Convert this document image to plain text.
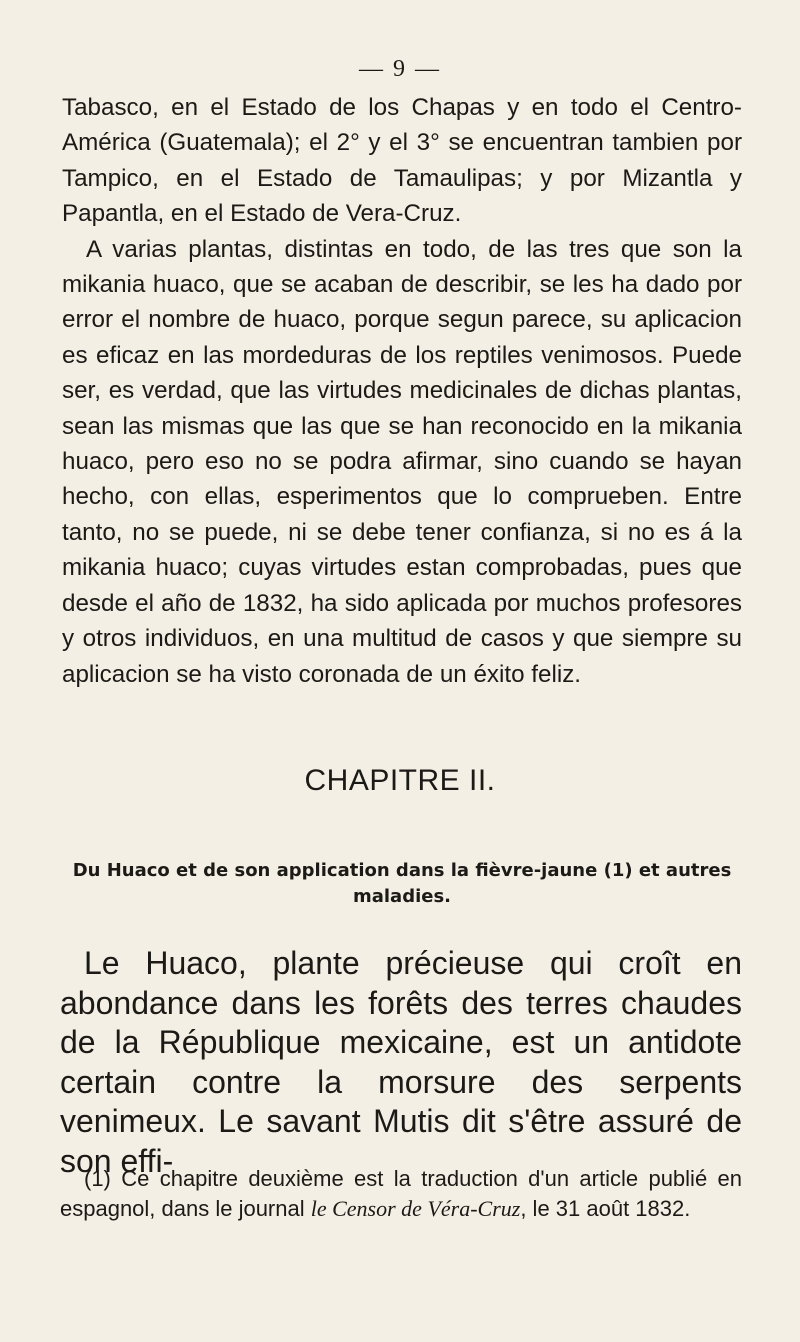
— 9 —

Tabasco, en el Estado de los Chapas y en todo el Centro-América (Guatemala); el 2° y el 3° se encuentran tambien por Tampico, en el Estado de Tamaulipas; y por Mizantla y Papantla, en el Estado de Vera-Cruz.

A varias plantas, distintas en todo, de las tres que son la mikania huaco, que se acaban de describir, se les ha dado por error el nombre de huaco, porque segun parece, su aplicacion es eficaz en las mordeduras de los reptiles venimosos. Puede ser, es verdad, que las virtudes medicinales de dichas plantas, sean las mismas que las que se han reconocido en la mikania huaco, pero eso no se podra afirmar, sino cuando se hayan hecho, con ellas, esperimentos que lo comprueben. Entre tanto, no se puede, ni se debe tener confianza, si no es á la mikania huaco; cuyas virtudes estan comprobadas, pues que desde el año de 1832, ha sido aplicada por muchos profesores y otros individuos, en una multitud de casos y que siempre su aplicacion se ha visto coronada de un éxito feliz.

CHAPITRE II.
Du Huaco et de son application dans la fièvre-jaune (1) et autres maladies.

Le Huaco, plante précieuse qui croît en abondance dans les forêts des terres chaudes de la République mexicaine, est un antidote certain contre la morsure des serpents venimeux. Le savant Mutis dit s'être assuré de son effi-

(1) Ce chapitre deuxième est la traduction d'un article publié en espagnol, dans le journal le Censor de Véra-Cruz, le 31 août 1832.
